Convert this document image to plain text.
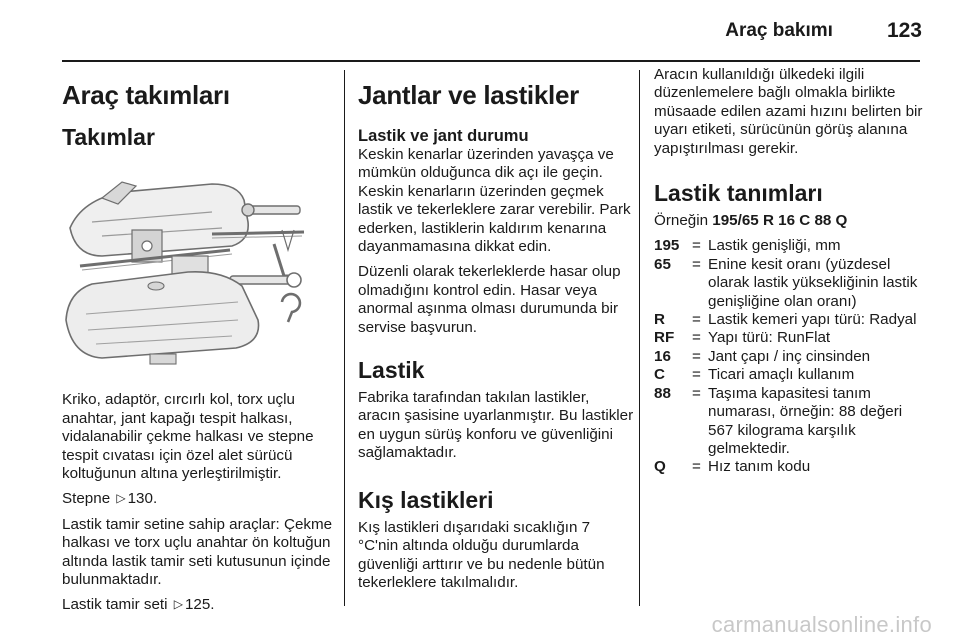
Araç bakımı	123
Araç takımları
Takımlar

Kriko, adaptör, cırcırlı kol, torx uçlu anahtar, jant kapağı tespit halkası, vidalanabilir çekme halkası ve stepne tespit cıvatası için özel alet sürücü koltuğunun altına yerleştirilmiştir.

Stepne ▷ 130.

Lastik tamir setine sahip araçlar: Çekme halkası ve torx uçlu anahtar ön koltuğun altında lastik tamir seti kutusunun içinde bulunmaktadır.

Lastik tamir seti ▷ 125.

Jantlar ve lastikler
Lastik ve jant durumu

Keskin kenarlar üzerinden yavaşça ve mümkün olduğunca dik açı ile geçin. Keskin kenarların üzerinden geçmek lastik ve tekerleklere zarar verebilir. Park ederken, lastiklerin kaldırım kenarına dayanmamasına dikkat edin.

Düzenli olarak tekerleklerde hasar olup olmadığını kontrol edin. Hasar veya anormal aşınma olması durumunda bir servise başvurun.

Lastik

Fabrika tarafından takılan lastikler, aracın şasisine uyarlanmıştır. Bu lastikler en uygun sürüş konforu ve güvenliğini sağlamaktadır.

Kış lastikleri

Kış lastikleri dışarıdaki sıcaklığın 7 °C'nin altında olduğu durumlarda güvenliği arttırır ve bu nedenle bütün tekerleklere takılmalıdır.

Aracın kullanıldığı ülkedeki ilgili düzenlemelere bağlı olmakla birlikte müsaade edilen azami hızını belirten bir uyarı etiketi, sürücünün görüş alanına yapıştırılması gerekir.

Lastik tanımları

Örneğin 195/65 R 16 C 88 Q

195 = Lastik genişliği, mm
65	= Enine kesit oranı (yüzdesel olarak lastik yüksekliğinin lastik genişliğine olan oranı)
R	= Lastik kemeri yapı türü: Radyal
RF	= Yapı türü: RunFlat
16	= Jant çapı / inç cinsinden
C	= Ticari amaçlı kullanım
88	= Taşıma kapasitesi tanım numarası, örneğin: 88 değeri 567 kilograma karşılık gelmektedir.
Q	= Hız tanım kodu
carmanualsonline.info
